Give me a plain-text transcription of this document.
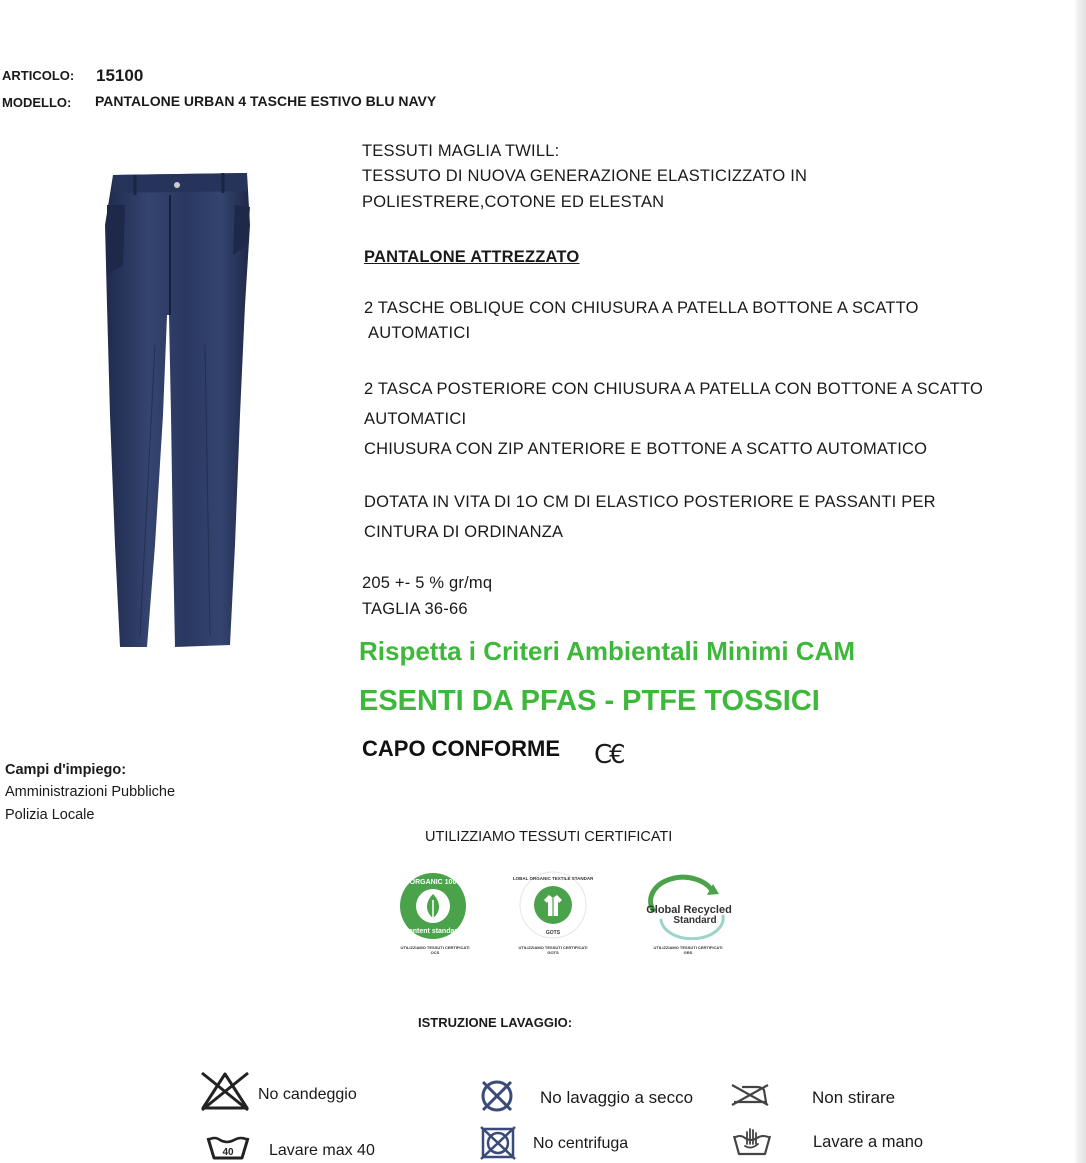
ARTICOLO: 15100
MODELLO: PANTALONE URBAN 4 TASCHE ESTIVO BLU NAVY
TESSUTI MAGLIA TWILL:
TESSUTO DI NUOVA GENERAZIONE ELASTICIZZATO IN
POLIESTRERE,COTONE ED ELESTAN
PANTALONE ATTREZZATO
2 TASCHE OBLIQUE CON CHIUSURA A PATELLA BOTTONE A SCATTO
AUTOMATICI
2 TASCA POSTERIORE CON CHIUSURA A PATELLA CON BOTTONE A SCATTO
AUTOMATICI
CHIUSURA CON ZIP ANTERIORE E BOTTONE A SCATTO AUTOMATICO
DOTATA IN VITA DI 1O CM DI ELASTICO POSTERIORE E PASSANTI PER
CINTURA DI ORDINANZA
205 +- 5 % gr/mq
TAGLIA 36-66
Rispetta i Criteri Ambientali Minimi CAM
ESENTI DA PFAS - PTFE TOSSICI
CAPO CONFORME C€
Campi d'impiego:
Amministrazioni Pubbliche
Polizia Locale
UTILIZZIAMO TESSUTI CERTIFICATI
ORGANIC 100
content standard
UTILIZZIAMO TESSUTI CERTIFICATI
OCS
GLOBAL ORGANIC TEXTILE STANDARD
GOTS
UTILIZZIAMO TESSUTI CERTIFICATI
GOTS
Global Recycled
Standard
UTILIZZIAMO TESSUTI CERTIFICATI
GRS
ISTRUZIONE LAVAGGIO:
No candeggio	No lavaggio a secco	Non stirare
40 Lavare max 40	No centrifuga	Lavare a mano
